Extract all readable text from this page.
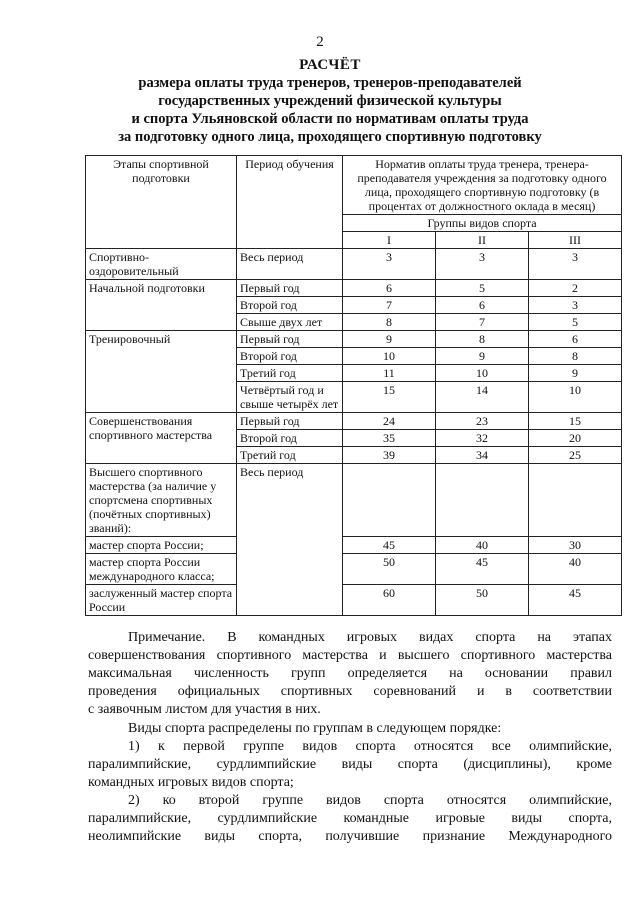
2
РАСЧЁТ
размера оплаты труда тренеров, тренеров-преподавателей
государственных учреждений физической культуры
и спорта Ульяновской области по нормативам оплаты труда
за подготовку одного лица, проходящего спортивную подготовку
Этапы спортивной подготовки	Период обучения	Норматив оплаты труда тренера, тренера-преподавателя учреждения за подготовку одного лица, проходящего спортивную подготовку (в процентах от должностного оклада в месяц)		
		Группы видов спорта		
		I	II	III
Спортивно-оздоровительный	Весь период	3	3	3
Начальной подготовки	Первый год	6	5	2
	Второй год	7	6	3
	Свыше двух лет	8	7	5
Тренировочный	Первый год	9	8	6
	Второй год	10	9	8
	Третий год	11	10	9
	Четвёртый год и свыше четырёх лет	15	14	10
Совершенствования спортивного мастерства	Первый год	24	23	15
	Второй год	35	32	20
	Третий год	39	34	25
Высшего спортивного мастерства (за наличие у спортсмена спортивных (почётных спортивных) званий):	Весь период			
мастер спорта России;		45	40	30
мастер спорта России международного класса;		50	45	40
заслуженный мастер спорта России		60	50	45
Примечание. В командных игровых видах спорта на этапах
совершенствования спортивного мастерства и высшего спортивного мастерства
максимальная численность групп определяется на основании правил
проведения официальных спортивных соревнований и в соответствии
с заявочным листом для участия в них.
Виды спорта распределены по группам в следующем порядке:
1) к первой группе видов спорта относятся все олимпийские,
паралимпийские, сурдлимпийские виды спорта (дисциплины), кроме
командных игровых видов спорта;
2) ко второй группе видов спорта относятся олимпийские,
паралимпийские, сурдлимпийские командные игровые виды спорта,
неолимпийские виды спорта, получившие признание Международного
